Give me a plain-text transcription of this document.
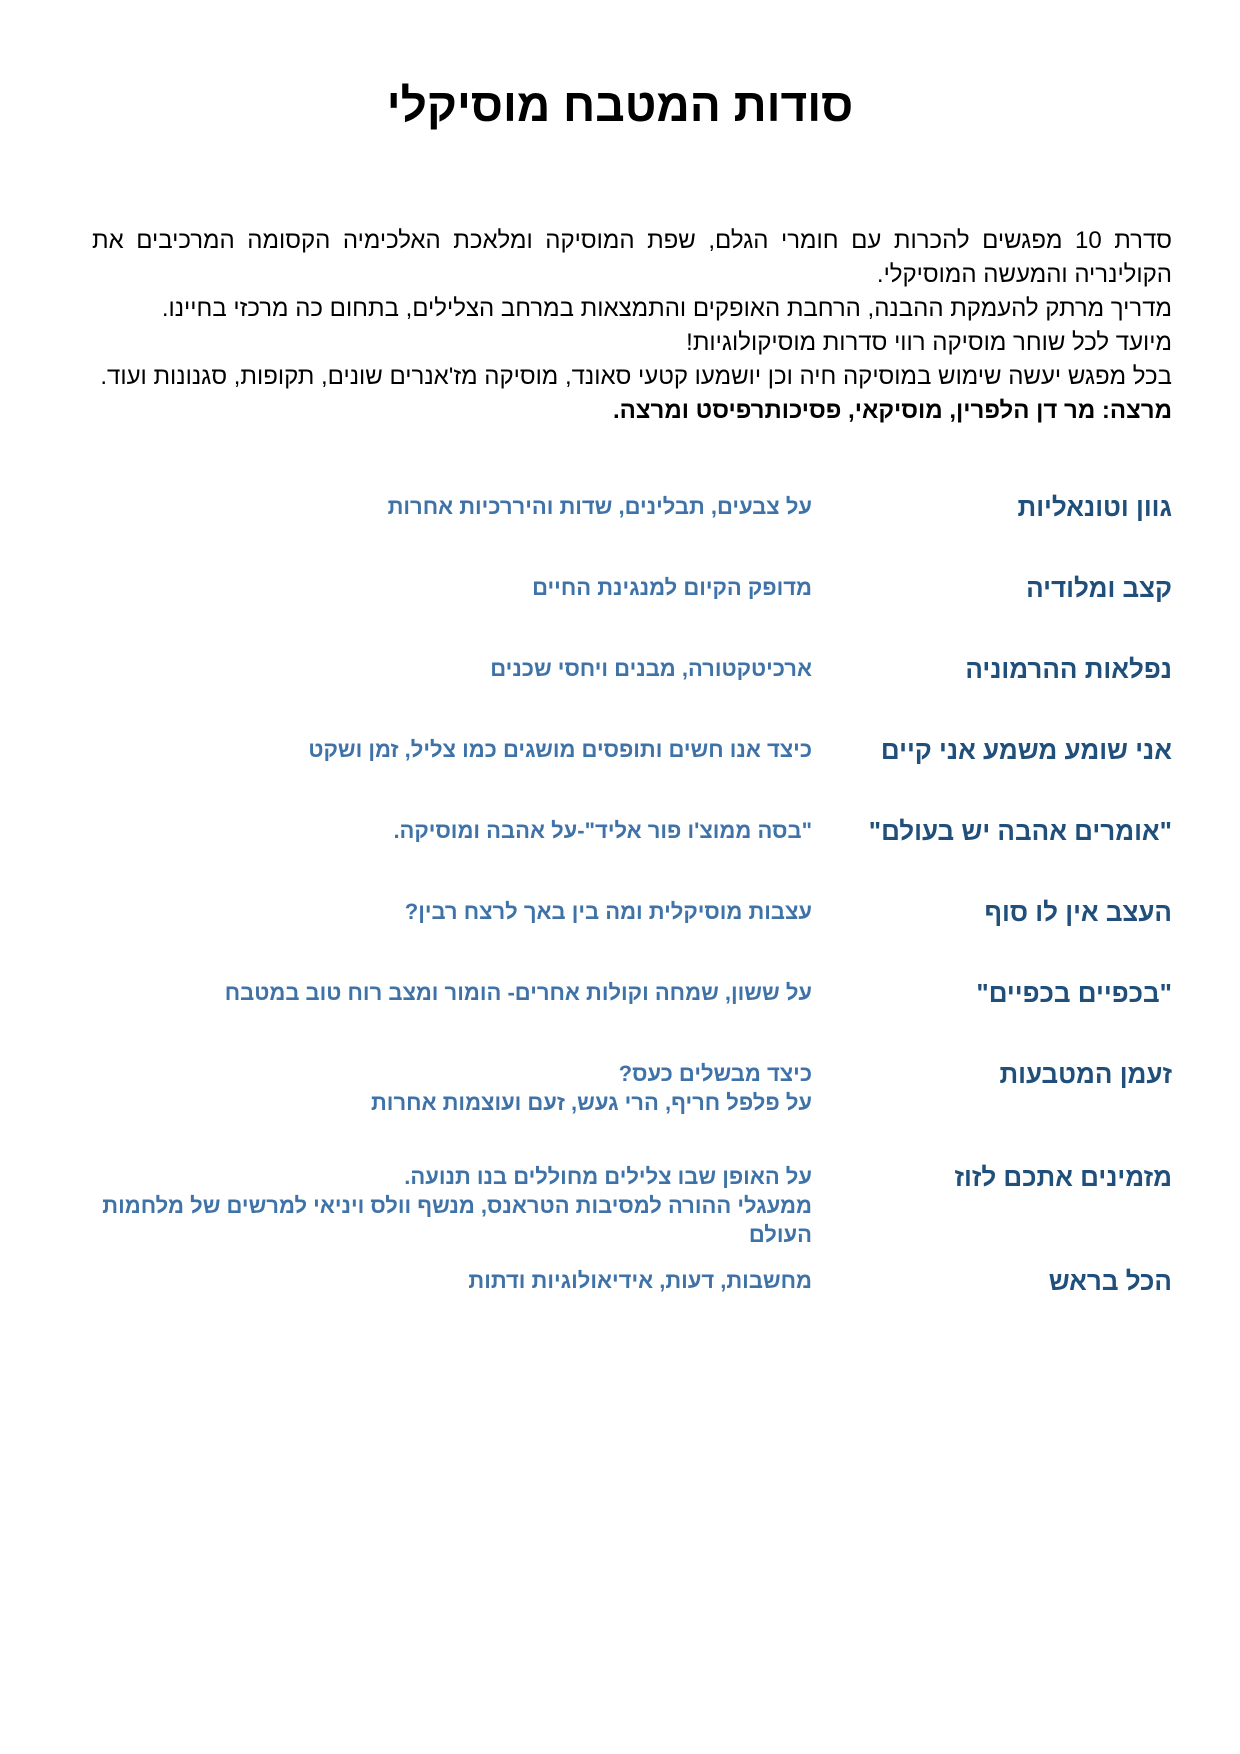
סודות המטבח מוסיקלי

סדרת 10 מפגשים להכרות עם חומרי הגלם, שפת המוסיקה ומלאכת האלכימיה הקסומה המרכיבים את הקולינריה והמעשה המוסיקלי.

מדריך מרתק להעמקת ההבנה, הרחבת האופקים והתמצאות במרחב הצלילים, בתחום כה מרכזי בחיינו.

מיועד לכל שוחר מוסיקה רווי סדרות מוסיקולוגיות!

בכל מפגש יעשה שימוש במוסיקה חיה וכן יושמעו קטעי סאונד, מוסיקה מז'אנרים שונים, תקופות, סגנונות ועוד.

מרצה: מר דן הלפרין, מוסיקאי, פסיכותרפיסט ומרצה.

גוון וטונאליות
על צבעים, תבלינים, שדות והיררכיות אחרות
קצב ומלודיה
מדופק הקיום למנגינת החיים
נפלאות ההרמוניה
ארכיטקטורה, מבנים ויחסי שכנים
אני שומע משמע אני קיים
כיצד אנו חשים ותופסים מושגים כמו צליל, זמן ושקט
"אומרים אהבה יש בעולם"
"בסה ממוצ'ו פור אליד"-על אהבה ומוסיקה.
העצב אין לו סוף
עצבות מוסיקלית ומה בין באך לרצח רבין?
"בכפיים בכפיים"
על ששון, שמחה וקולות אחרים- הומור ומצב רוח טוב במטבח
זעמן המטבעות
כיצד מבשלים כעס?
על פלפל חריף, הרי געש, זעם ועוצמות אחרות
מזמינים אתכם לזוז
על האופן שבו צלילים מחוללים בנו תנועה.
ממעגלי ההורה למסיבות הטראנס, מנשף וולס ויניאי למרשים של מלחמות העולם
הכל בראש
מחשבות, דעות, אידיאולוגיות ודתות
